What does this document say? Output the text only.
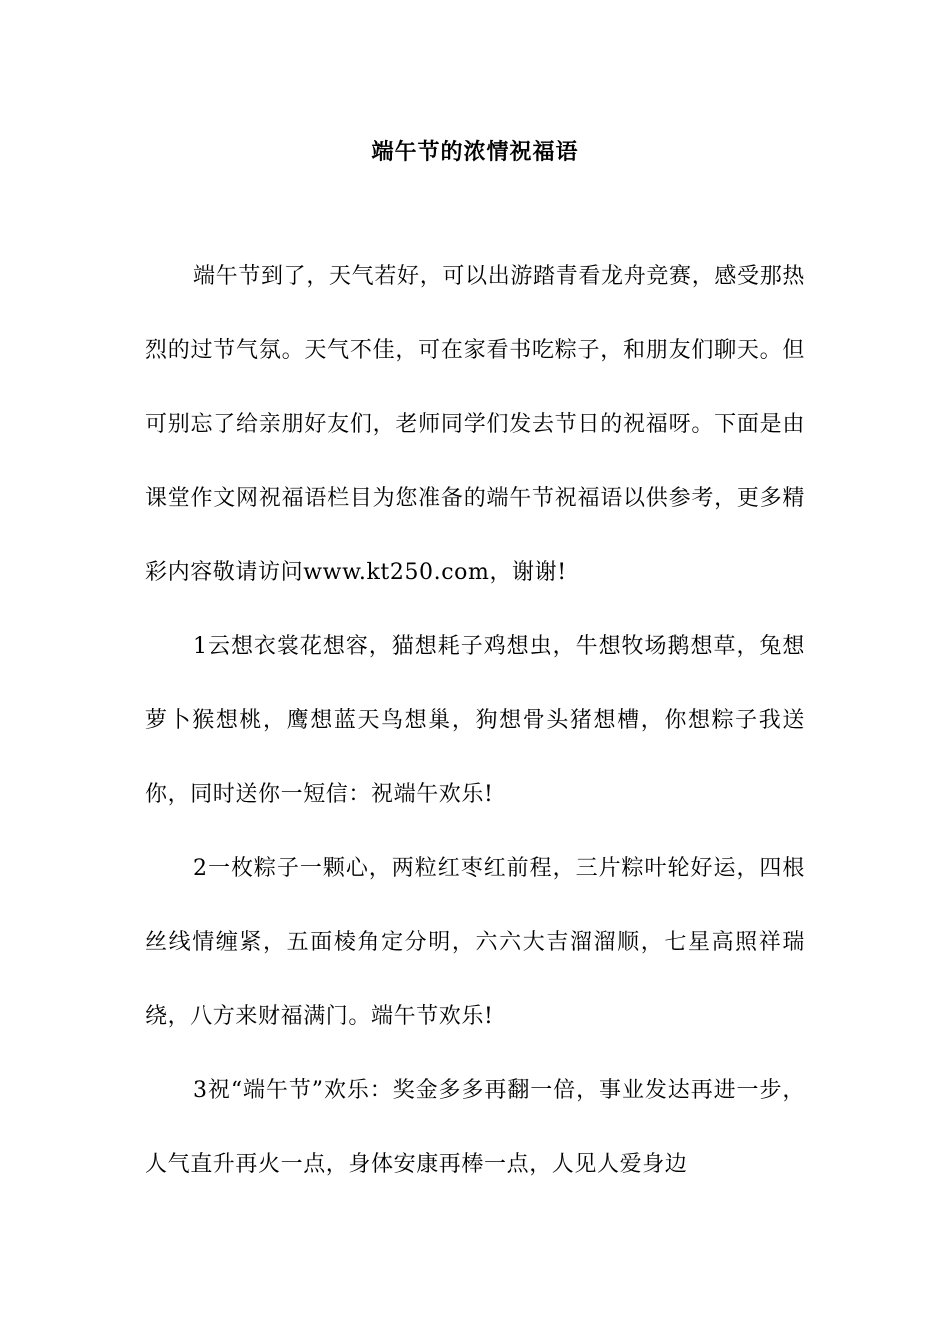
端午节的浓情祝福语

端午节到了，天气若好，可以出游踏青看龙舟竞赛，感受那热烈的过节气氛。天气不佳，可在家看书吃粽子，和朋友们聊天。但可别忘了给亲朋好友们，老师同学们发去节日的祝福呀。下面是由课堂作文网祝福语栏目为您准备的端午节祝福语以供参考，更多精彩内容敬请访问www.kt250.com，谢谢!

1云想衣裳花想容，猫想耗子鸡想虫，牛想牧场鹅想草，兔想萝卜猴想桃，鹰想蓝天鸟想巢，狗想骨头猪想槽，你想粽子我送你，同时送你一短信：祝端午欢乐!

2一枚粽子一颗心，两粒红枣红前程，三片粽叶轮好运，四根丝线情缠紧，五面棱角定分明，六六大吉溜溜顺，七星高照祥瑞绕，八方来财福满门。端午节欢乐!

3祝“端午节”欢乐：奖金多多再翻一倍，事业发达再进一步，人气直升再火一点，身体安康再棒一点，人见人爱身边
